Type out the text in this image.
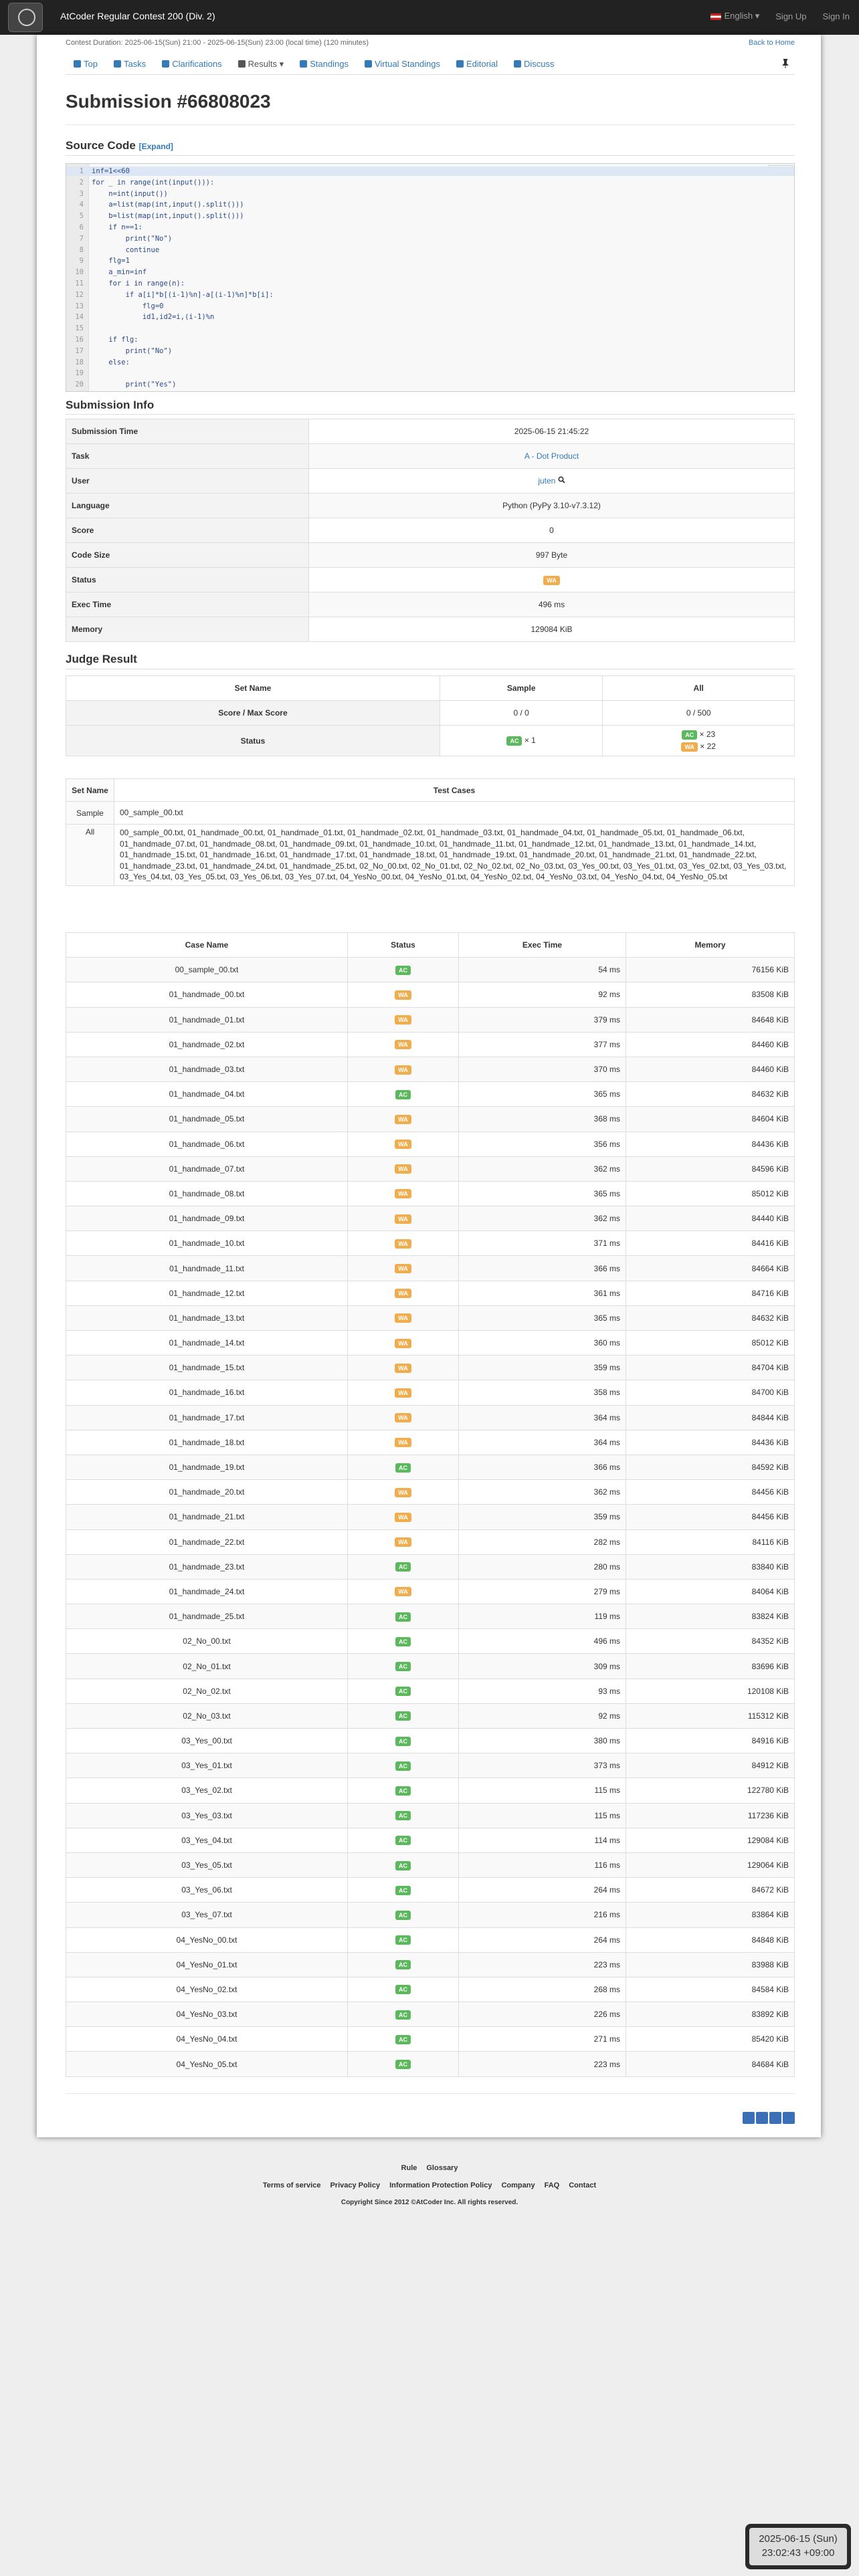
AtCoder Regular Contest 200 (Div. 2)	English ▾ Sign Up Sign In
Contest Duration: 2025-06-15(Sun) 21:00 - 2025-06-15(Sun) 23:00 (local time) (120 minutes)	Back to Home
Top	Tasks	Clarifications	Results ▾	Standings	Virtual Standings	Editorial	Discuss
Submission #66808023
Source Code [Expand]
1 inf=1<<60
2 for _ in range(int(input())):
3 n=int(input())
4 a=list(map(int,input().split()))
5 b=list(map(int,input().split()))
6 if n==1:
7 print("No")
8 continue
9 flg=1
10 a_min=inf
11 for i in range(n):
12 if a[i]*b[(i-1)%n]-a[(i-1)%n]*b[i]:
13 flg=0
14 id1,id2=i,(i-1)%n
15
16 if flg:
17 print("No")
18 else:
19
20 print("Yes")
Submission Info
Submission Time	2025-06-15 21:45:22
Task	A - Dot Product
User	juten
Language	Python (PyPy 3.10-v7.3.12)
Score	0
Code Size	997 Byte
Status	WA
Exec Time	496 ms
Memory	129084 KiB
Judge Result
Set Name	Sample	All
Score / Max Score	0 / 0	0 / 500
Status	AC × 1	AC × 23
WA × 22
Set Name	Test Cases
Sample	00_sample_00.txt
All	00_sample_00.txt, 01_handmade_00.txt, 01_handmade_01.txt, 01_handmade_02.txt, 01_handmade_03.txt, 01_handmade_04.txt, 01_handmade_05.txt, 01_handmade_06.txt, 01_handmade_07.txt, 01_handmade_08.txt, 01_handmade_09.txt, 01_handmade_10.txt, 01_handmade_11.txt, 01_handmade_12.txt, 01_handmade_13.txt, 01_handmade_14.txt, 01_handmade_15.txt, 01_handmade_16.txt, 01_handmade_17.txt, 01_handmade_18.txt, 01_handmade_19.txt, 01_handmade_20.txt, 01_handmade_21.txt, 01_handmade_22.txt, 01_handmade_23.txt, 01_handmade_24.txt, 01_handmade_25.txt, 02_No_00.txt, 02_No_01.txt, 02_No_02.txt, 02_No_03.txt, 03_Yes_00.txt, 03_Yes_01.txt, 03_Yes_02.txt, 03_Yes_03.txt, 03_Yes_04.txt, 03_Yes_05.txt, 03_Yes_06.txt, 03_Yes_07.txt, 04_YesNo_00.txt, 04_YesNo_01.txt, 04_YesNo_02.txt, 04_YesNo_03.txt, 04_YesNo_04.txt, 04_YesNo_05.txt
Case Name	Status	Exec Time	Memory
00_sample_00.txt	AC	54 ms	76156 KiB
01_handmade_00.txt	WA	92 ms	83508 KiB
01_handmade_01.txt	WA	379 ms	84648 KiB
01_handmade_02.txt	WA	377 ms	84460 KiB
01_handmade_03.txt	WA	370 ms	84460 KiB
01_handmade_04.txt	AC	365 ms	84632 KiB
01_handmade_05.txt	WA	368 ms	84604 KiB
01_handmade_06.txt	WA	356 ms	84436 KiB
01_handmade_07.txt	WA	362 ms	84596 KiB
01_handmade_08.txt	WA	365 ms	85012 KiB
01_handmade_09.txt	WA	362 ms	84440 KiB
01_handmade_10.txt	WA	371 ms	84416 KiB
01_handmade_11.txt	WA	366 ms	84664 KiB
01_handmade_12.txt	WA	361 ms	84716 KiB
01_handmade_13.txt	WA	365 ms	84632 KiB
01_handmade_14.txt	WA	360 ms	85012 KiB
01_handmade_15.txt	WA	359 ms	84704 KiB
01_handmade_16.txt	WA	358 ms	84700 KiB
01_handmade_17.txt	WA	364 ms	84844 KiB
01_handmade_18.txt	WA	364 ms	84436 KiB
01_handmade_19.txt	AC	366 ms	84592 KiB
01_handmade_20.txt	WA	362 ms	84456 KiB
01_handmade_21.txt	WA	359 ms	84456 KiB
01_handmade_22.txt	WA	282 ms	84116 KiB
01_handmade_23.txt	AC	280 ms	83840 KiB
01_handmade_24.txt	WA	279 ms	84064 KiB
01_handmade_25.txt	AC	119 ms	83824 KiB
02_No_00.txt	AC	496 ms	84352 KiB
02_No_01.txt	AC	309 ms	83696 KiB
02_No_02.txt	AC	93 ms	120108 KiB
02_No_03.txt	AC	92 ms	115312 KiB
03_Yes_00.txt	AC	380 ms	84916 KiB
03_Yes_01.txt	AC	373 ms	84912 KiB
03_Yes_02.txt	AC	115 ms	122780 KiB
03_Yes_03.txt	AC	115 ms	117236 KiB
03_Yes_04.txt	AC	114 ms	129084 KiB
03_Yes_05.txt	AC	116 ms	129064 KiB
03_Yes_06.txt	AC	264 ms	84672 KiB
03_Yes_07.txt	AC	216 ms	83864 KiB
04_YesNo_00.txt	AC	264 ms	84848 KiB
04_YesNo_01.txt	AC	223 ms	83988 KiB
04_YesNo_02.txt	AC	268 ms	84584 KiB
04_YesNo_03.txt	AC	226 ms	83892 KiB
04_YesNo_04.txt	AC	271 ms	85420 KiB
04_YesNo_05.txt	AC	223 ms	84684 KiB
Rule Glossary
Terms of service Privacy Policy Information Protection Policy Company FAQ Contact
Copyright Since 2012 ©AtCoder Inc. All rights reserved.
2025-06-15 (Sun)
23:02:43 +09:00
